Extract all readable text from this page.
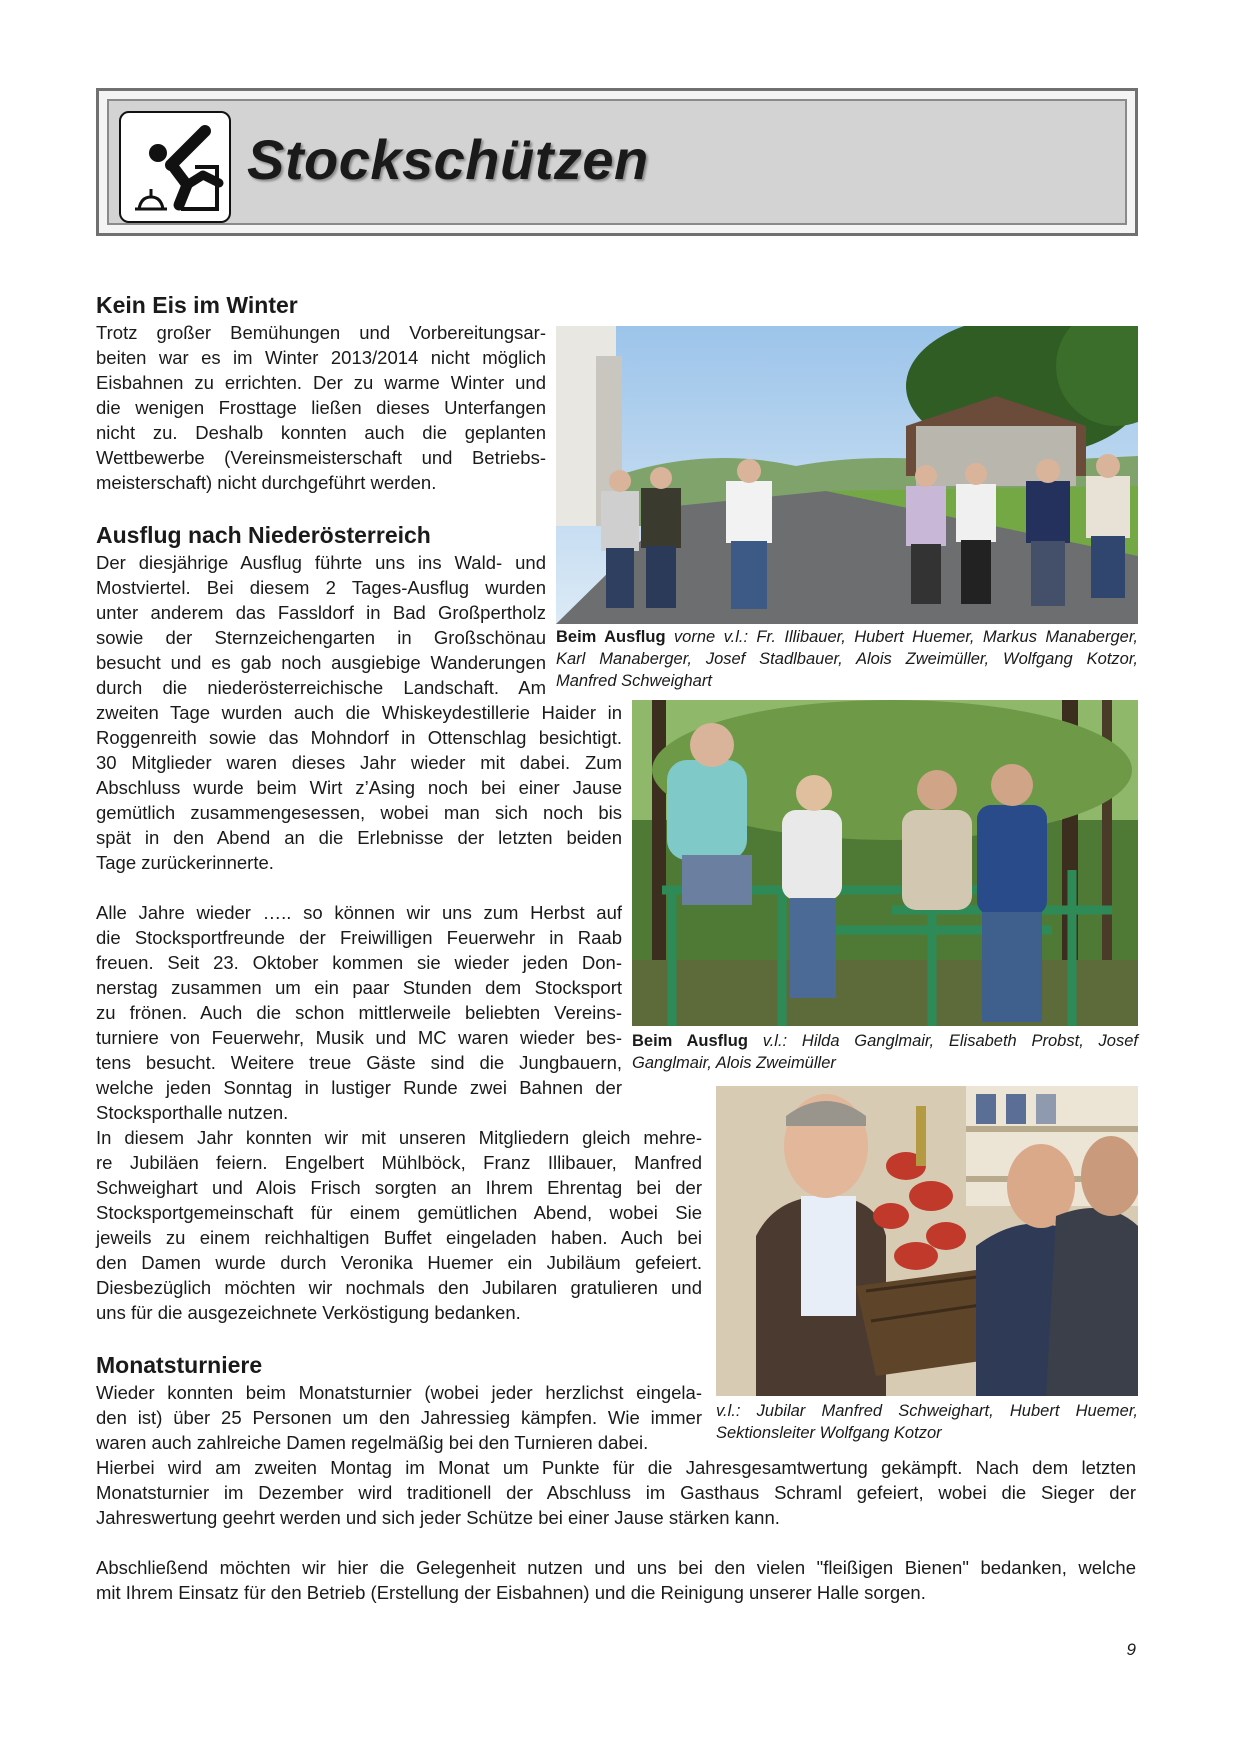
Stockschützen
Kein Eis im Winter

Trotz großer Bemühungen und Vorbereitungsar-

beiten war es im Winter 2013/2014 nicht möglich

Eisbahnen zu errichten. Der zu warme Winter und

die wenigen Frosttage ließen dieses Unterfangen

nicht zu. Deshalb konnten auch die geplanten

Wettbewerbe (Vereinsmeisterschaft und Betriebs-

meisterschaft) nicht durchgeführt werden.

Ausflug nach Niederösterreich

Der diesjährige Ausflug führte uns ins Wald- und

Mostviertel. Bei diesem 2 Tages-Ausflug wurden

unter anderem das Fassldorf in Bad Großpertholz

sowie der Sternzeichengarten in Großschönau

besucht und es gab noch ausgiebige Wanderungen

durch die niederösterreichische Landschaft. Am

zweiten Tage wurden auch die Whiskeydestillerie Haider in

Roggenreith sowie das Mohndorf in Ottenschlag besichtigt.

30 Mitglieder waren dieses Jahr wieder mit dabei. Zum

Abschluss wurde beim Wirt z’Asing noch bei einer Jause

gemütlich zusammengesessen, wobei man sich noch bis

spät in den Abend an die Erlebnisse der letzten beiden

Tage zurückerinnerte.

Alle Jahre wieder ….. so können wir uns zum Herbst auf

die Stocksportfreunde der Freiwilligen Feuerwehr in Raab

freuen. Seit 23. Oktober kommen sie wieder jeden Don-

nerstag zusammen um ein paar Stunden dem Stocksport

zu frönen. Auch die schon mittlerweile beliebten Vereins-

turniere von Feuerwehr, Musik und MC waren wieder bes-

tens besucht. Weitere treue Gäste sind die Jungbauern,

welche jeden Sonntag in lustiger Runde zwei Bahnen der

Stocksporthalle nutzen.

In diesem Jahr konnten wir mit unseren Mitgliedern gleich mehre-

re Jubiläen feiern. Engelbert Mühlböck, Franz Illibauer, Manfred

Schweighart und Alois Frisch sorgten an Ihrem Ehrentag bei der

Stocksportgemeinschaft für einem gemütlichen Abend, wobei Sie

jeweils zu einem reichhaltigen Buffet eingeladen haben. Auch bei

den Damen wurde durch Veronika Huemer ein Jubiläum gefeiert.

Diesbezüglich möchten wir nochmals den Jubilaren gratulieren und

uns für die ausgezeichnete Verköstigung bedanken.

Monatsturniere

Wieder konnten beim Monatsturnier (wobei jeder herzlichst eingela-

den ist) über 25 Personen um den Jahressieg kämpfen. Wie immer

waren auch zahlreiche Damen regelmäßig bei den Turnieren dabei.

Hierbei wird am zweiten Montag im Monat um Punkte für die Jahresgesamtwertung gekämpft. Nach dem letzten

Monatsturnier im Dezember wird traditionell der Abschluss im Gasthaus Schraml gefeiert, wobei die Sieger der

Jahreswertung geehrt werden und sich jeder Schütze bei einer Jause stärken kann.

Abschließend möchten wir hier die Gelegenheit nutzen und uns bei den vielen "fleißigen Bienen" bedanken, welche

mit Ihrem Einsatz für den Betrieb (Erstellung der Eisbahnen) und die Reinigung unserer Halle sorgen.

Beim Ausflug vorne v.l.: Fr. Illibauer, Hubert Huemer, Markus Manaberger,
Karl Manaberger, Josef Stadlbauer, Alois Zweimüller, Wolfgang Kotzor,
Manfred Schweighart
Beim Ausflug v.l.: Hilda Ganglmair, Elisabeth Probst, Josef
Ganglmair, Alois Zweimüller
v.l.: Jubilar Manfred Schweighart, Hubert Huemer,
Sektionsleiter Wolfgang Kotzor
9
